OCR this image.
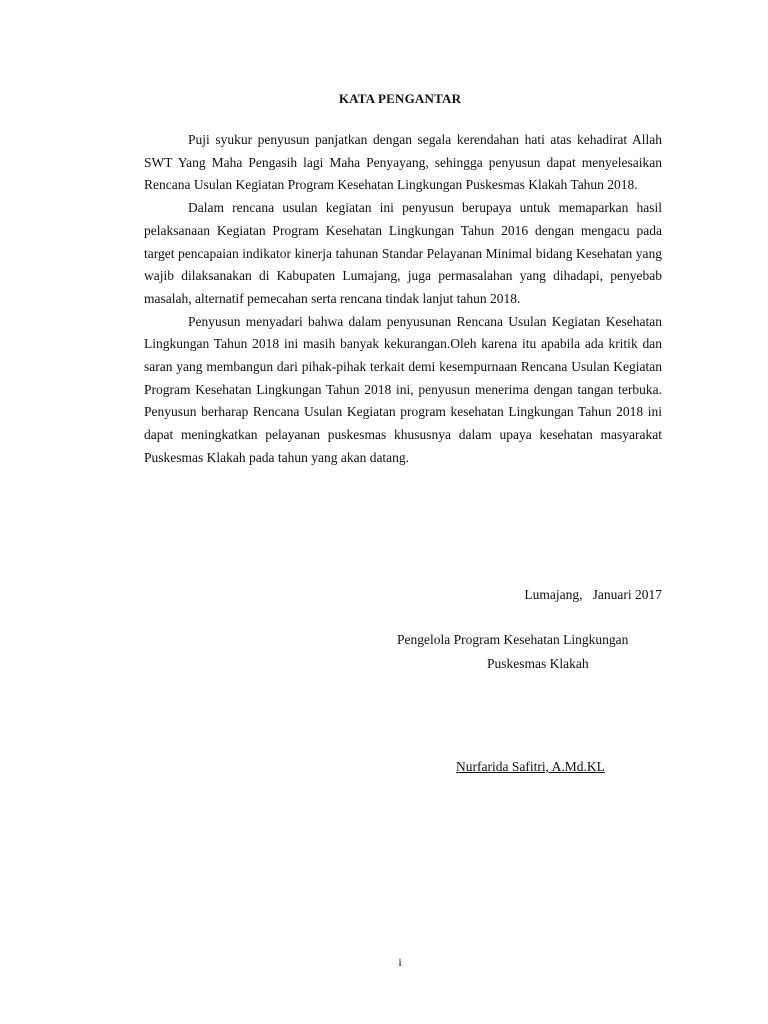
KATA PENGANTAR

Puji syukur penyusun panjatkan dengan segala kerendahan hati atas kehadirat Allah SWT Yang Maha Pengasih lagi Maha Penyayang, sehingga penyusun dapat menyelesaikan Rencana Usulan Kegiatan Program Kesehatan Lingkungan Puskesmas Klakah Tahun 2018.

Dalam rencana usulan kegiatan ini penyusun berupaya untuk memaparkan hasil pelaksanaan Kegiatan Program Kesehatan Lingkungan Tahun 2016 dengan mengacu pada target pencapaian indikator kinerja tahunan Standar Pelayanan Minimal bidang Kesehatan yang wajib dilaksanakan di Kabupaten Lumajang, juga permasalahan yang dihadapi, penyebab masalah, alternatif pemecahan serta rencana tindak lanjut tahun 2018.

Penyusun menyadari bahwa dalam penyusunan Rencana Usulan Kegiatan Kesehatan Lingkungan Tahun 2018 ini masih banyak kekurangan.Oleh karena itu apabila ada kritik dan saran yang membangun dari pihak-pihak terkait demi kesempurnaan Rencana Usulan Kegiatan Program Kesehatan Lingkungan Tahun 2018 ini, penyusun menerima dengan tangan terbuka. Penyusun berharap Rencana Usulan Kegiatan program kesehatan Lingkungan Tahun 2018 ini dapat meningkatkan pelayanan puskesmas khususnya dalam upaya kesehatan masyarakat Puskesmas Klakah pada tahun yang akan datang.

Lumajang,   Januari 2017
Pengelola Program Kesehatan Lingkungan
Puskesmas Klakah
Nurfarida Safitri, A.Md.KL
i
